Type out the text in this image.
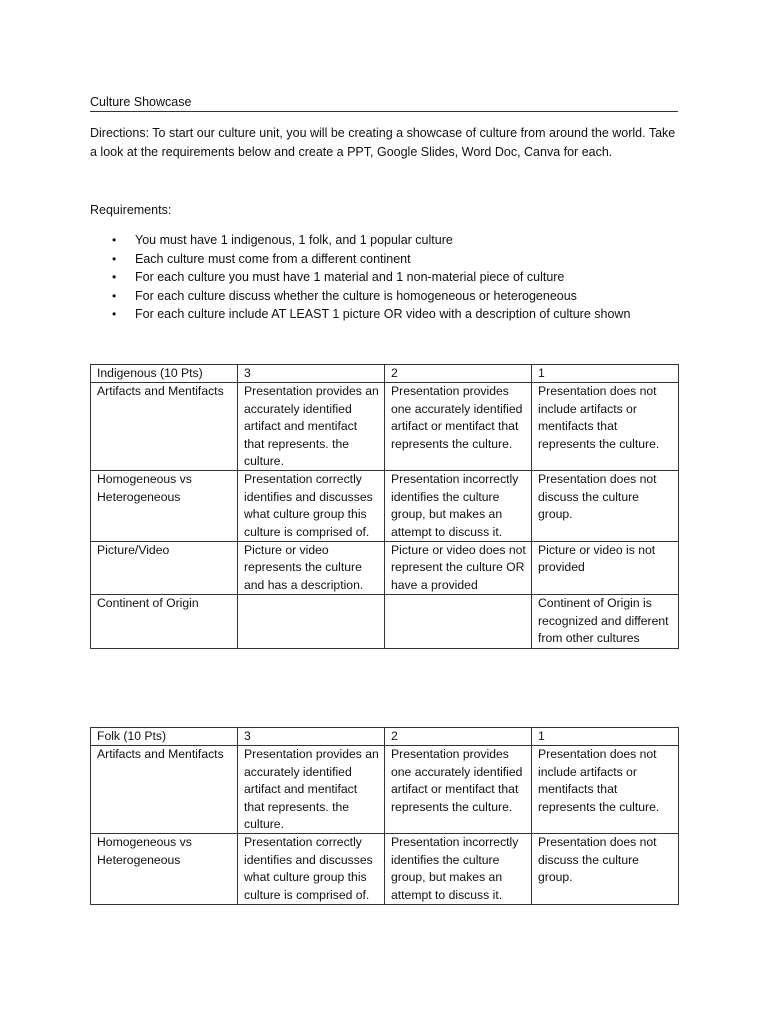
Culture Showcase
Directions: To start our culture unit, you will be creating a showcase of culture from around the world. Take a look at the requirements below and create a PPT, Google Slides, Word Doc, Canva for each.
Requirements:
• You must have 1 indigenous, 1 folk, and 1 popular culture
• Each culture must come from a different continent
• For each culture you must have 1 material and 1 non-material piece of culture
• For each culture discuss whether the culture is homogeneous or heterogeneous
• For each culture include AT LEAST 1 picture OR video with a description of culture shown
Indigenous (10 Pts)	3	2	1
Artifacts and Mentifacts	Presentation provides an accurately identified artifact and mentifact that represents. the culture.	Presentation provides one accurately identified artifact or mentifact that represents the culture.	Presentation does not include artifacts or mentifacts that represents the culture.
Homogeneous vs Heterogeneous	Presentation correctly identifies and discusses what culture group this culture is comprised of.	Presentation incorrectly identifies the culture group, but makes an attempt to discuss it.	Presentation does not discuss the culture group.
Picture/Video	Picture or video represents the culture and has a description.	Picture or video does not represent the culture OR have a provided	Picture or video is not provided
Continent of Origin			Continent of Origin is recognized and different from other cultures
Folk (10 Pts)	3	2	1
Artifacts and Mentifacts	Presentation provides an accurately identified artifact and mentifact that represents. the culture.	Presentation provides one accurately identified artifact or mentifact that represents the culture.	Presentation does not include artifacts or mentifacts that represents the culture.
Homogeneous vs Heterogeneous	Presentation correctly identifies and discusses what culture group this culture is comprised of.	Presentation incorrectly identifies the culture group, but makes an attempt to discuss it.	Presentation does not discuss the culture group.
